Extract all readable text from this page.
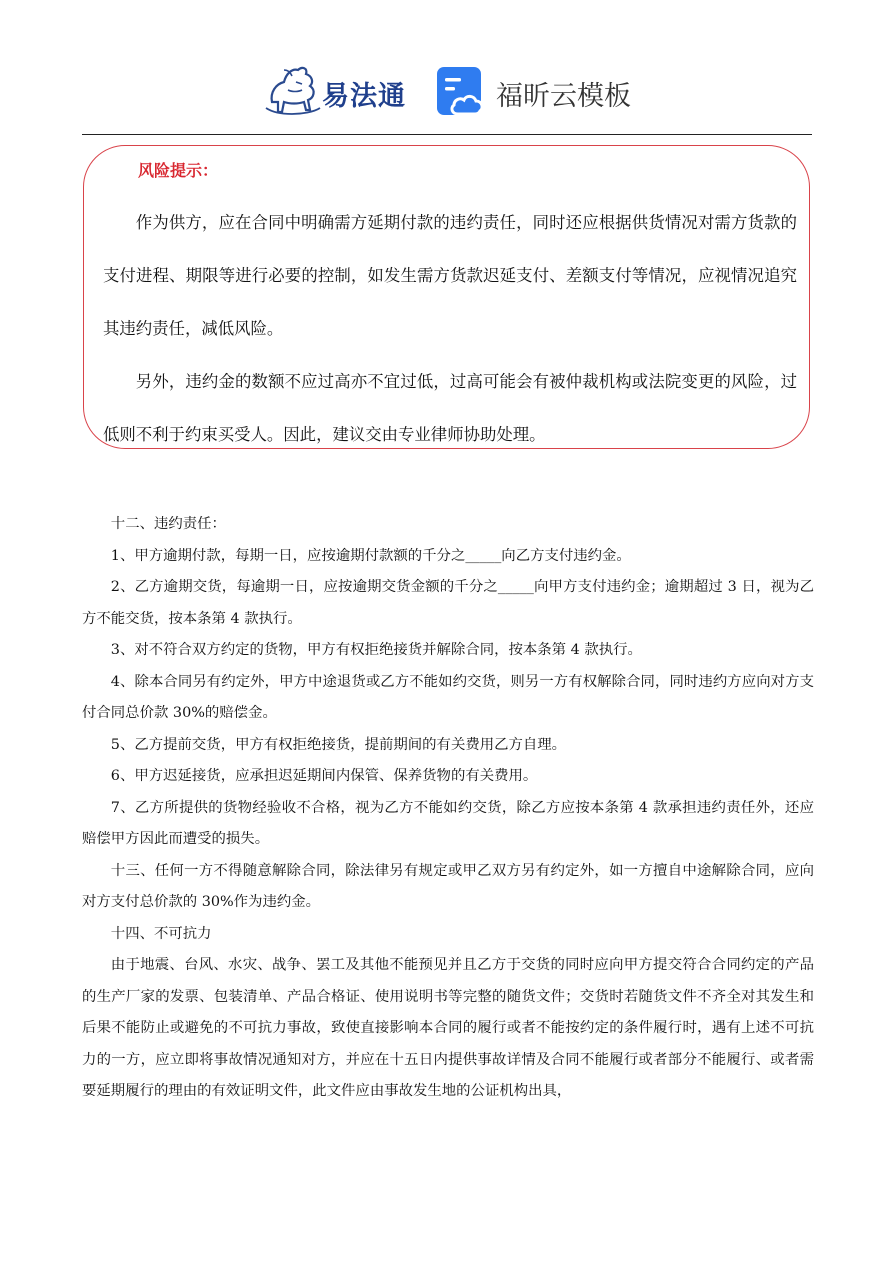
易法通	福昕云模板
风险提示：

作为供方，应在合同中明确需方延期付款的违约责任，同时还应根据供货情况对需方货款的支付进程、期限等进行必要的控制，如发生需方货款迟延支付、差额支付等情况，应视情况追究其违约责任，减低风险。

另外，违约金的数额不应过高亦不宜过低，过高可能会有被仲裁机构或法院变更的风险，过低则不利于约束买受人。因此，建议交由专业律师协助处理。

十二、违约责任：

1、甲方逾期付款，每期一日，应按逾期付款额的千分之_____向乙方支付违约金。

2、乙方逾期交货，每逾期一日，应按逾期交货金额的千分之_____向甲方支付违约金；逾期超过 3 日，视为乙方不能交货，按本条第 4 款执行。

3、对不符合双方约定的货物，甲方有权拒绝接货并解除合同，按本条第 4 款执行。

4、除本合同另有约定外，甲方中途退货或乙方不能如约交货，则另一方有权解除合同，同时违约方应向对方支付合同总价款 30%的赔偿金。

5、乙方提前交货，甲方有权拒绝接货，提前期间的有关费用乙方自理。

6、甲方迟延接货，应承担迟延期间内保管、保养货物的有关费用。

7、乙方所提供的货物经验收不合格，视为乙方不能如约交货，除乙方应按本条第 4 款承担违约责任外，还应赔偿甲方因此而遭受的损失。

十三、任何一方不得随意解除合同，除法律另有规定或甲乙双方另有约定外，如一方擅自中途解除合同，应向对方支付总价款的 30%作为违约金。

十四、不可抗力

由于地震、台风、水灾、战争、罢工及其他不能预见并且乙方于交货的同时应向甲方提交符合合同约定的产品的生产厂家的发票、包装清单、产品合格证、使用说明书等完整的随货文件；交货时若随货文件不齐全对其发生和后果不能防止或避免的不可抗力事故，致使直接影响本合同的履行或者不能按约定的条件履行时，遇有上述不可抗力的一方，应立即将事故情况通知对方，并应在十五日内提供事故详情及合同不能履行或者部分不能履行、或者需要延期履行的理由的有效证明文件，此文件应由事故发生地的公证机构出具，
